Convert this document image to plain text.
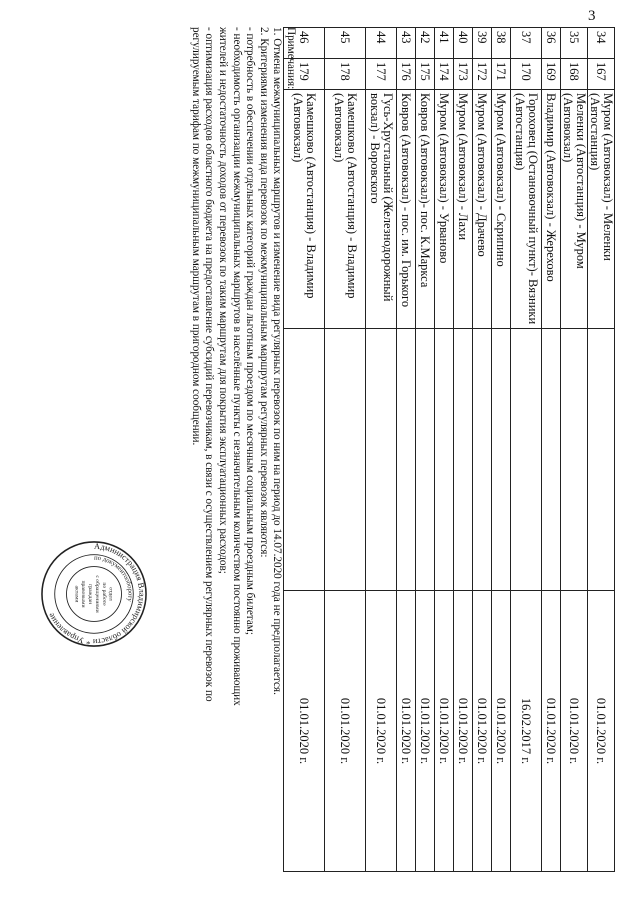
3
34	167	Муром (Автовокзал) - Меленки (Автостанция)		01.01.2020 г.
35	168	Меленки (Автостанция) - Муром (Автовокзал)		01.01.2020 г.
36	169	Владимир (Автовокзал) - Жерехово		01.01.2020 г.
37	170	Гороховец (Остановочный пункт)- Вязники (Автостанция)		16.02.2017 г.
38	171	Муром (Автовокзал) - Скрипино		01.01.2020 г.
39	172	Муром (Автовокзал) - Драчево		01.01.2020 г.
40	173	Муром (Автовокзал) - Лахи		01.01.2020 г.
41	174	Муром (Автовокзал) - Урваново		01.01.2020 г.
42	175	Ковров (Автовокзал)- пос. К.Маркса		01.01.2020 г.
43	176	Ковров (Автовокзал) - пос. им. Горького		01.01.2020 г.
44	177	Гусь-Хрустальный (Железнодорожный вокзал) - Воровского		01.01.2020 г.
45	178	Камешково (Автостанция) - Владимир (Автовокзал)		01.01.2020 г.
46	179	Камешково (Автостанция) - Владимир (Автовокзал)		01.01.2020 г.
Примечания:
1. Отмена межмуниципальных маршрутов и изменение вида регулярных перевозок по ним на период до 14.07.2020 года не предполагается.
2. Критериями изменения вида перевозок по межмуниципальным маршрутам регулярных перевозок являются:
- потребность в обеспечении отдельных категорий граждан льготным проездом по месячным социальным проездным билетам;
- необходимость организации межмуниципальных маршрутов в населённые пункты с незначительным количеством постоянно проживающих
жителей и недостаточность доходов от перевозок по таким маршрутам для покрытия эксплуатационных расходов;
- оптимизация расходов областного бюджета на предоставление субсидий перевозчикам, в связи с осуществлением регулярных перевозок по
регулируемым тарифам по межмуниципальным маршрутам в пригородном сообщении.
Администрация Владимирской области * Управление
по документообороту
отдел
по работе
с обращениями
граждан
правовыми
актами
